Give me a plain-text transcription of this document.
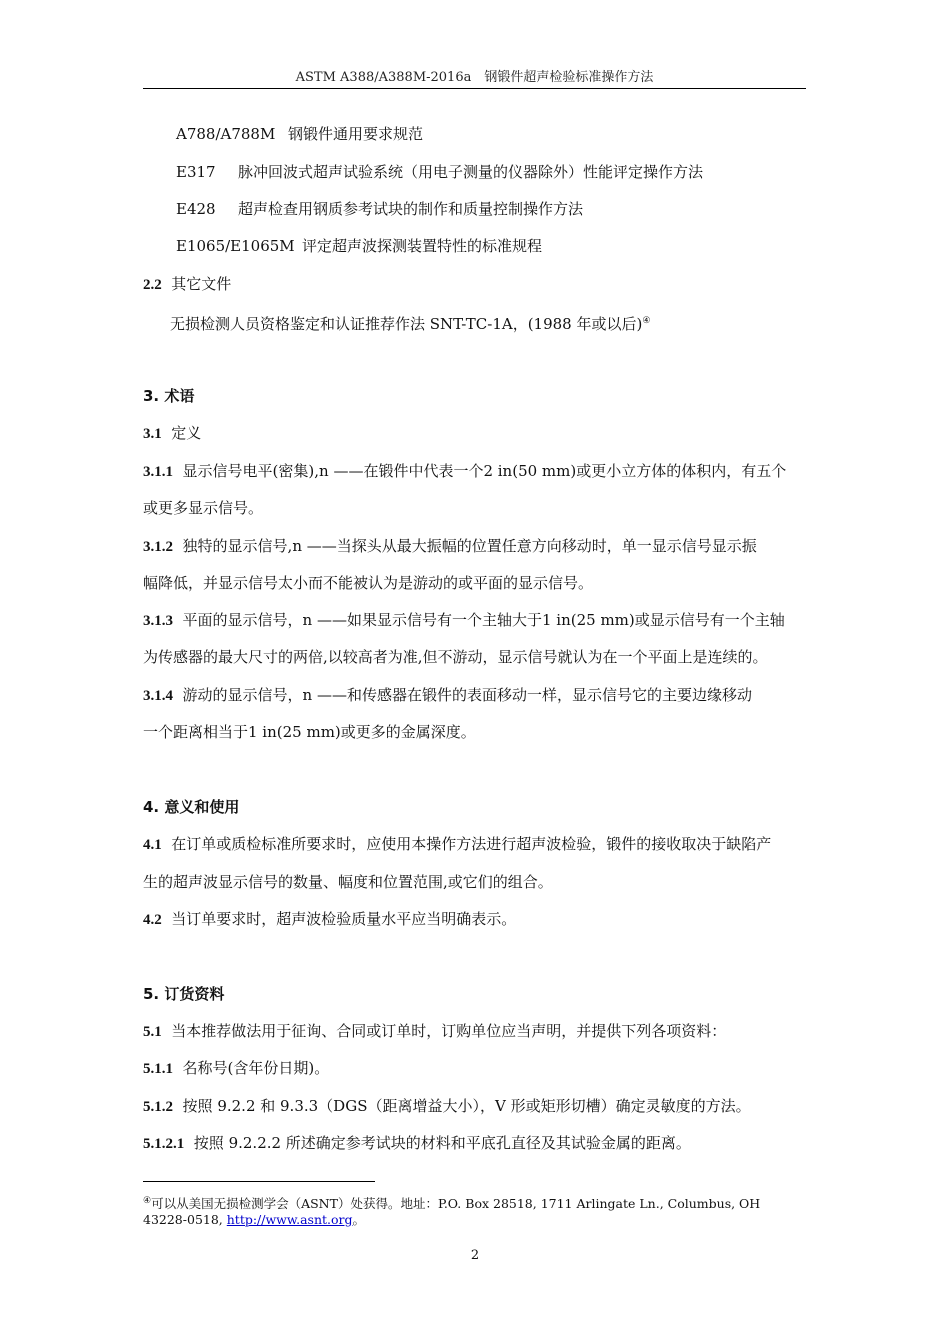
ASTM A388/A388M-2016a　钢锻件超声检验标准操作方法
A788/A788M 钢锻件通用要求规范
E317 脉冲回波式超声试验系统（用电子测量的仪器除外）性能评定操作方法
E428 超声检查用钢质参考试块的制作和质量控制操作方法
E1065/E1065M 评定超声波探测装置特性的标准规程
2.2 其它文件
无损检测人员资格鉴定和认证推荐作法 SNT-TC-1A，(1988 年或以后)④
3. 术语
3.1 定义
3.1.1 显示信号电平(密集),n ——在锻件中代表一个2 in(50 mm)或更小立方体的体积内，有五个
或更多显示信号。
3.1.2 独特的显示信号,n ——当探头从最大振幅的位置任意方向移动时，单一显示信号显示振
幅降低，并显示信号太小而不能被认为是游动的或平面的显示信号。
3.1.3 平面的显示信号，n ——如果显示信号有一个主轴大于1 in(25 mm)或显示信号有一个主轴
为传感器的最大尺寸的两倍,以较高者为准,但不游动，显示信号就认为在一个平面上是连续的。
3.1.4 游动的显示信号，n ——和传感器在锻件的表面移动一样，显示信号它的主要边缘移动
一个距离相当于1 in(25 mm)或更多的金属深度。
4. 意义和使用
4.1 在订单或质检标准所要求时，应使用本操作方法进行超声波检验，锻件的接收取决于缺陷产
生的超声波显示信号的数量、幅度和位置范围,或它们的组合。
4.2 当订单要求时，超声波检验质量水平应当明确表示。
5. 订货资料
5.1 当本推荐做法用于征询、合同或订单时，订购单位应当声明，并提供下列各项资料：
5.1.1 名称号(含年份日期)。
5.1.2 按照 9.2.2 和 9.3.3（DGS（距离增益大小），V 形或矩形切槽）确定灵敏度的方法。
5.1.2.1 按照 9.2.2.2 所述确定参考试块的材料和平底孔直径及其试验金属的距离。
④可以从美国无损检测学会（ASNT）处获得。地址：P.O. Box 28518, 1711 Arlingate Ln., Columbus, OH
43228-0518, http://www.asnt.org。
2
